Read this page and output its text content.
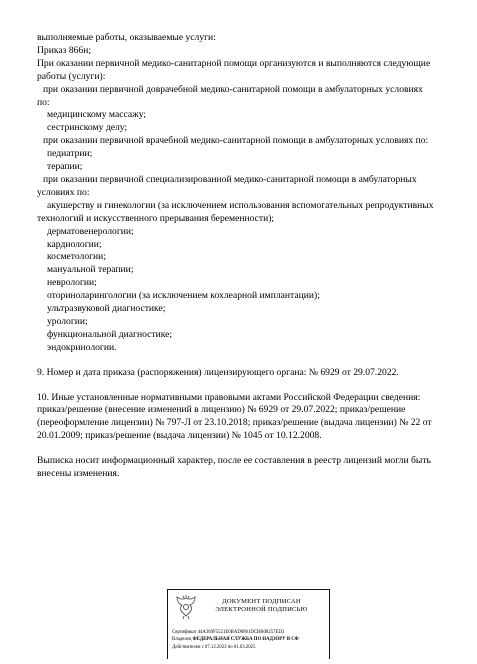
выполняемые работы, оказываемые услуги:
Приказ 866н;
При оказании первичной медико-санитарной помощи организуются и выполняются следующие
работы (услуги):
при оказании первичной доврачебной медико-санитарной помощи в амбулаторных условиях
по:
медицинскому массажу;
сестринскому делу;
при оказании первичной врачебной медико-санитарной помощи в амбулаторных условиях по:
педиатрии;
терапии;
при оказании первичной специализированной медико-санитарной помощи в амбулаторных
условиях по:
акушерству и гинекологии (за исключением использования вспомогательных репродуктивных
технологий и искусственного прерывания беременности);
дерматовенерологии;
кардиологии;
косметологии;
мануальной терапии;
неврологии;
оториноларингологии (за исключением кохлеарной имплантации);
ультразвуковой диагностике;
урологии;
функциональной диагностике;
эндокринологии.
9. Номер и дата приказа (распоряжения) лицензирующего органа: № 6929 от 29.07.2022.
10. Иные установленные нормативными правовыми актами Российской Федерации сведения:
приказ/решение (внесение изменений в лицензию) № 6929 от 29.07.2022; приказ/решение
(переоформление лицензии) № 797-Л от 23.10.2018; приказ/решение (выдача лицензии) № 22 от
20.01.2009; приказ/решение (выдача лицензии) № 1045 от 10.12.2008.
Выписка носит информационный характер, после ее составления в реестр лицензий могли быть
внесены изменения.
ДОКУМЕНТ ПОДПИСАН
ЭЛЕКТРОННОЙ ПОДПИСЬЮ
Сертификат 44A369F5521E0BAD0861DCBB08257ED3
Владелец ФЕДЕРАЛЬНАЯ СЛУЖБА ПО НАДЗОРУ В СФ
Действителен с 07.12.2023 по 01.03.2025
